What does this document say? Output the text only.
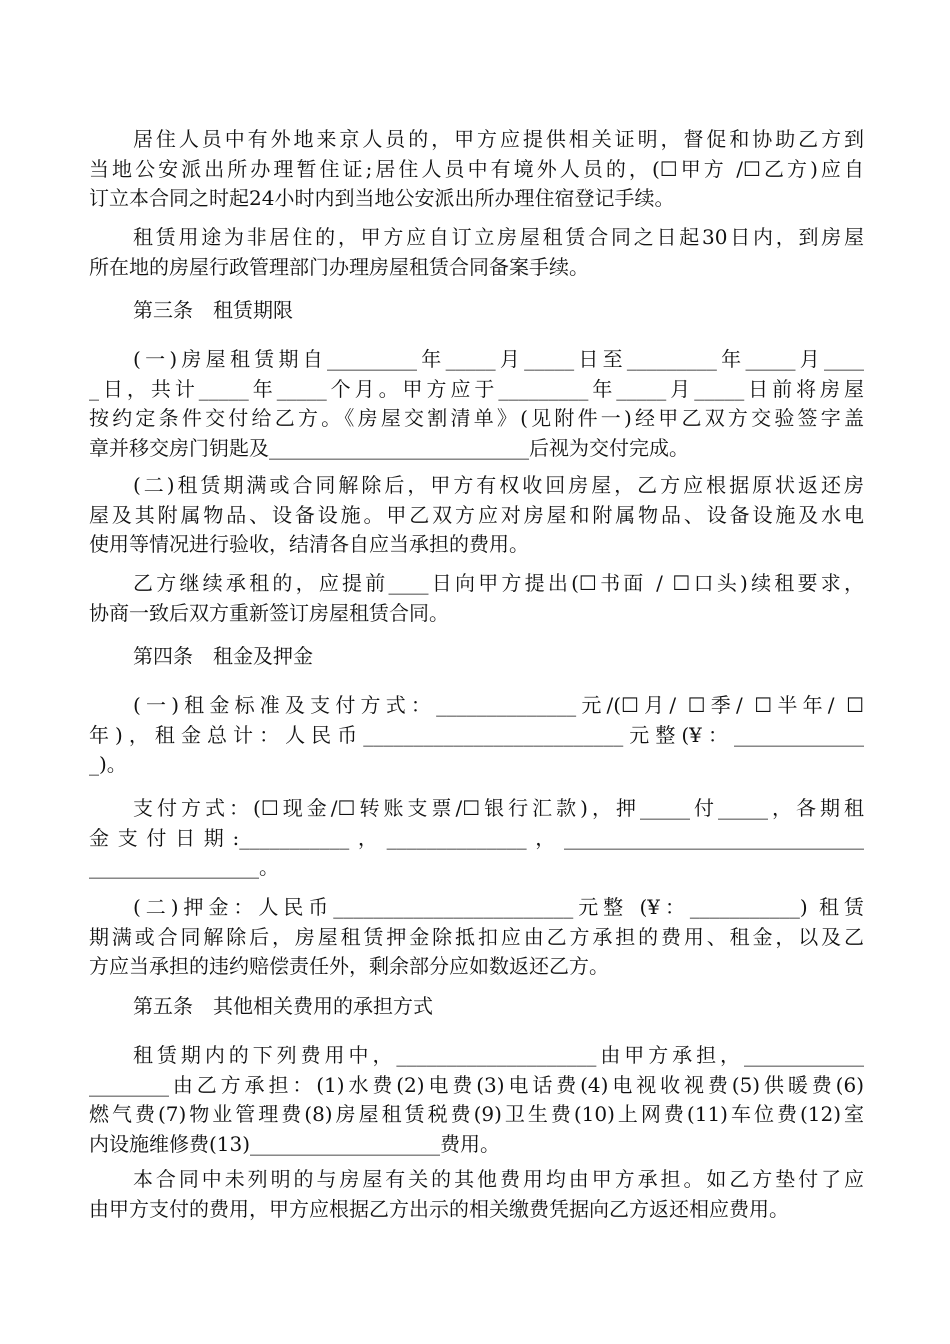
居住人员中有外地来京人员的，甲方应提供相关证明，督促和协助乙方到
当地公安派出所办理暂住证;居住人员中有境外人员的，(☐甲方 /☐乙方)应自
订立本合同之时起24小时内到当地公安派出所办理住宿登记手续。
租赁用途为非居住的，甲方应自订立房屋租赁合同之日起30日内，到房屋
所在地的房屋行政管理部门办理房屋租赁合同备案手续。
第三条　租赁期限
(一)房屋租赁期自_________年_____月_____日至_________年_____月____
_日，共计_____年_____个月。甲方应于_________年_____月_____日前将房屋
按约定条件交付给乙方。《房屋交割清单》(见附件一)经甲乙双方交验签字盖
章并移交房门钥匙及__________________________后视为交付完成。
(二)租赁期满或合同解除后，甲方有权收回房屋，乙方应根据原状返还房
屋及其附属物品、设备设施。甲乙双方应对房屋和附属物品、设备设施及水电
使用等情况进行验收，结清各自应当承担的费用。
乙方继续承租的，应提前____日向甲方提出(☐书面 / ☐口头)续租要求，
协商一致后双方重新签订房屋租赁合同。
第四条　租金及押金
(一)租金标准及支付方式：______________元/(☐月/ ☐季/ ☐半年/ ☐
年)，租金总计：人民币__________________________元整(¥：_____________
_)。
支付方式：(☐现金/☐转账支票/☐银行汇款)，押_____付_____，各期租
金支付日期:___________，______________，______________________________
_________________。
(二)押金：人民币________________________元整 (¥：___________) 租赁
期满或合同解除后，房屋租赁押金除抵扣应由乙方承担的费用、租金，以及乙
方应当承担的违约赔偿责任外，剩余部分应如数返还乙方。
第五条　其他相关费用的承担方式
租赁期内的下列费用中，____________________由甲方承担，____________
________由乙方承担：(1)水费(2)电费(3)电话费(4)电视收视费(5)供暖费(6)
燃气费(7)物业管理费(8)房屋租赁税费(9)卫生费(10)上网费(11)车位费(12)室
内设施维修费(13)___________________费用。
本合同中未列明的与房屋有关的其他费用均由甲方承担。如乙方垫付了应
由甲方支付的费用，甲方应根据乙方出示的相关缴费凭据向乙方返还相应费用。
